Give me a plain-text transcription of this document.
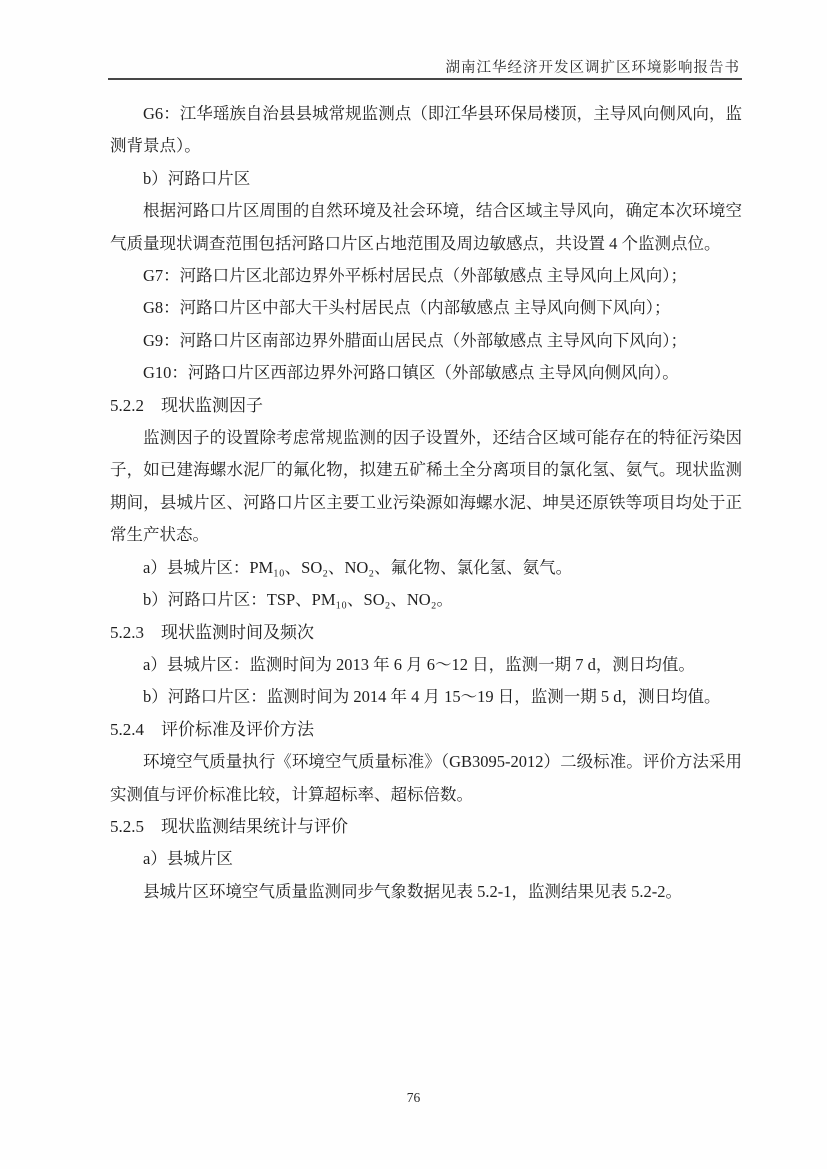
湖南江华经济开发区调扩区环境影响报告书

G6：江华瑶族自治县县城常规监测点（即江华县环保局楼顶，主导风向侧风向，监测背景点）。

b）河路口片区

根据河路口片区周围的自然环境及社会环境，结合区域主导风向，确定本次环境空气质量现状调查范围包括河路口片区占地范围及周边敏感点，共设置 4 个监测点位。

G7：河路口片区北部边界外平栎村居民点（外部敏感点 主导风向上风向）；

G8：河路口片区中部大干头村居民点（内部敏感点 主导风向侧下风向）；

G9：河路口片区南部边界外腊面山居民点（外部敏感点 主导风向下风向）；

G10：河路口片区西部边界外河路口镇区（外部敏感点 主导风向侧风向）。

5.2.2 现状监测因子

监测因子的设置除考虑常规监测的因子设置外，还结合区域可能存在的特征污染因子，如已建海螺水泥厂的氟化物，拟建五矿稀土全分离项目的氯化氢、氨气。现状监测期间，县城片区、河路口片区主要工业污染源如海螺水泥、坤昊还原铁等项目均处于正常生产状态。

a）县城片区：PM₁₀、SO₂、NO₂、氟化物、氯化氢、氨气。

b）河路口片区：TSP、PM₁₀、SO₂、NO₂。

5.2.3 现状监测时间及频次

a）县城片区：监测时间为 2013 年 6 月 6～12 日，监测一期 7 d，测日均值。

b）河路口片区：监测时间为 2014 年 4 月 15～19 日，监测一期 5 d，测日均值。

5.2.4 评价标准及评价方法

环境空气质量执行《环境空气质量标准》（GB3095-2012）二级标准。评价方法采用实测值与评价标准比较，计算超标率、超标倍数。

5.2.5 现状监测结果统计与评价

a）县城片区

县城片区环境空气质量监测同步气象数据见表 5.2-1，监测结果见表 5.2-2。

76
